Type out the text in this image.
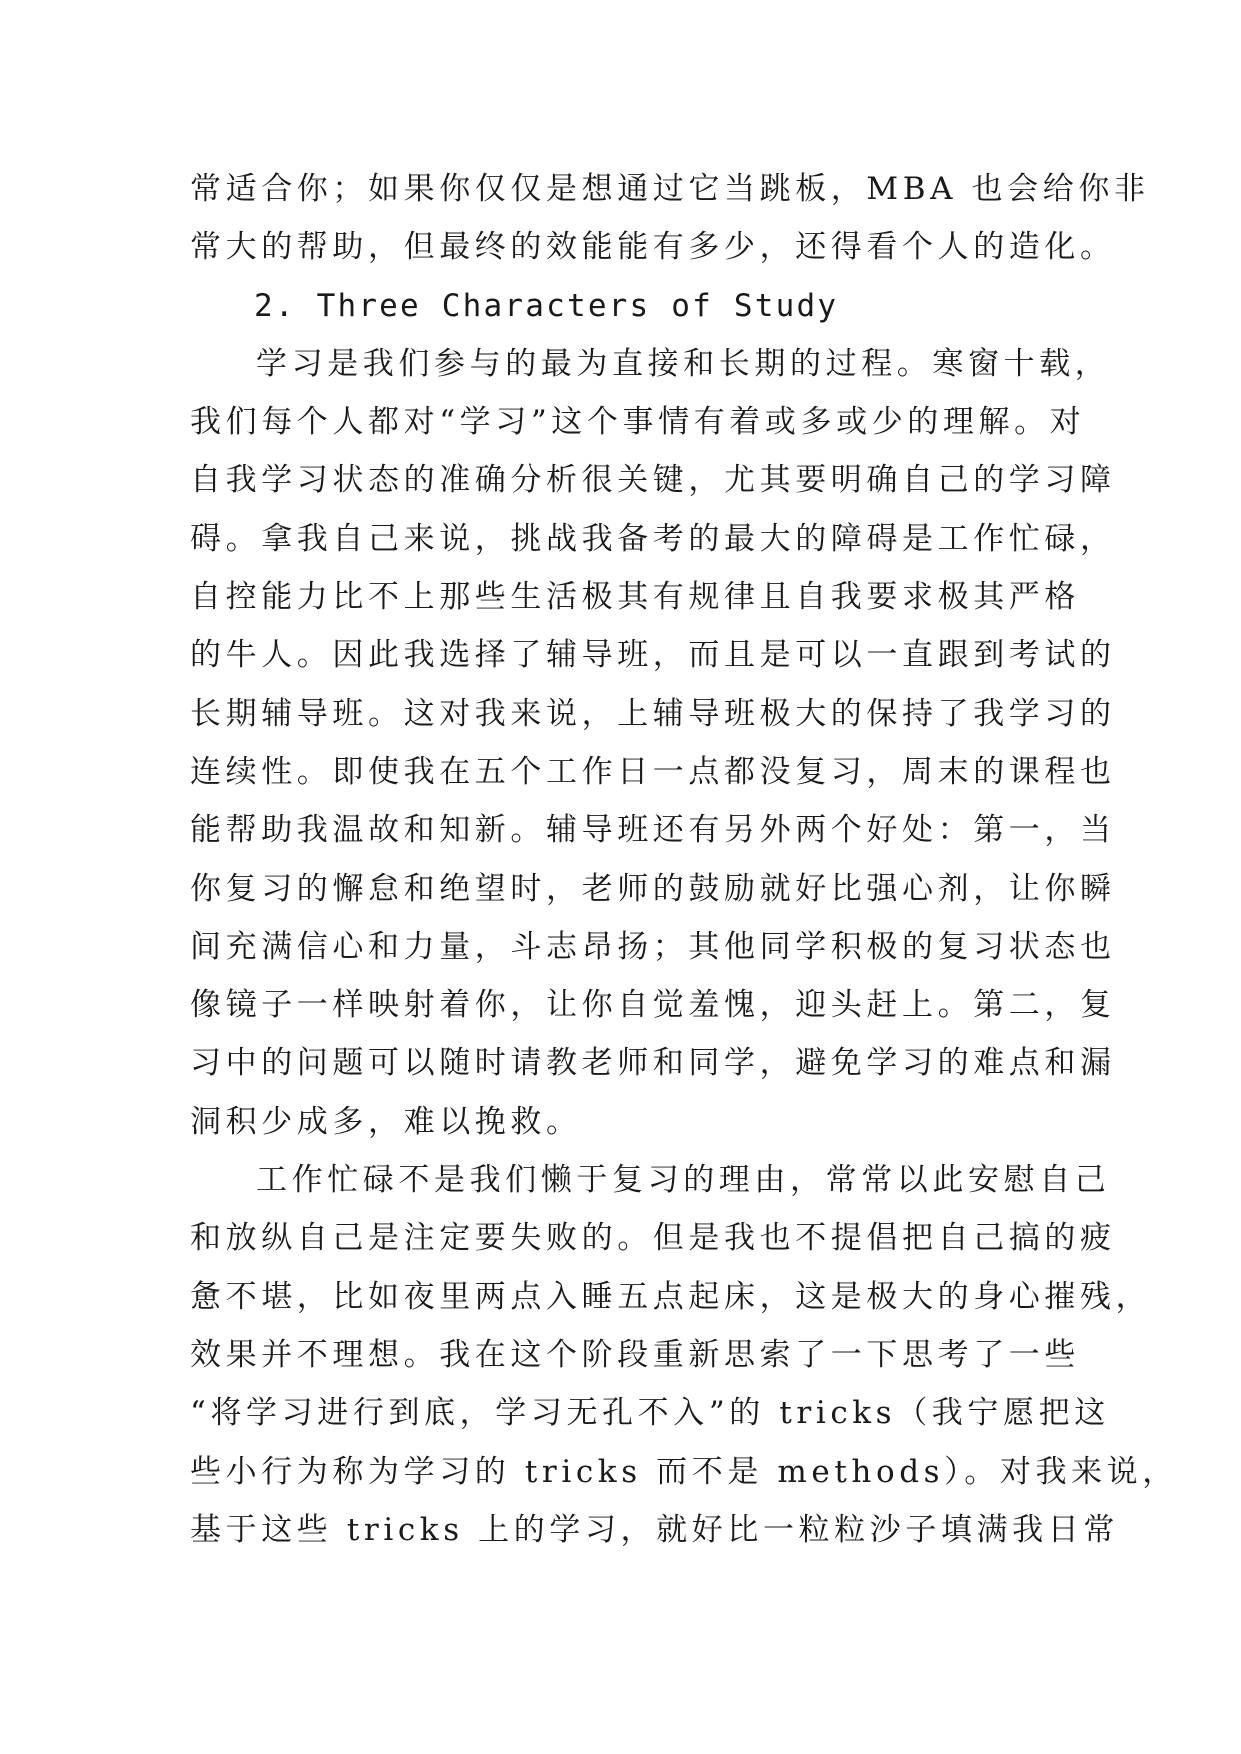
常适合你；如果你仅仅是想通过它当跳板，MBA 也会给你非
常大的帮助，但最终的效能能有多少，还得看个人的造化。
2. Three Characters of Study
学习是我们参与的最为直接和长期的过程。寒窗十载，
我们每个人都对“学习”这个事情有着或多或少的理解。对
自我学习状态的准确分析很关键，尤其要明确自己的学习障
碍。拿我自己来说，挑战我备考的最大的障碍是工作忙碌，
自控能力比不上那些生活极其有规律且自我要求极其严格
的牛人。因此我选择了辅导班，而且是可以一直跟到考试的
长期辅导班。这对我来说，上辅导班极大的保持了我学习的
连续性。即使我在五个工作日一点都没复习，周末的课程也
能帮助我温故和知新。辅导班还有另外两个好处：第一，当
你复习的懈怠和绝望时，老师的鼓励就好比强心剂，让你瞬
间充满信心和力量，斗志昂扬；其他同学积极的复习状态也
像镜子一样映射着你，让你自觉羞愧，迎头赶上。第二，复
习中的问题可以随时请教老师和同学，避免学习的难点和漏
洞积少成多，难以挽救。
工作忙碌不是我们懒于复习的理由，常常以此安慰自己
和放纵自己是注定要失败的。但是我也不提倡把自己搞的疲
惫不堪，比如夜里两点入睡五点起床，这是极大的身心摧残，
效果并不理想。我在这个阶段重新思索了一下思考了一些
“将学习进行到底，学习无孔不入”的 tricks（我宁愿把这
些小行为称为学习的 tricks 而不是 methods）。对我来说，
基于这些 tricks 上的学习，就好比一粒粒沙子填满我日常
